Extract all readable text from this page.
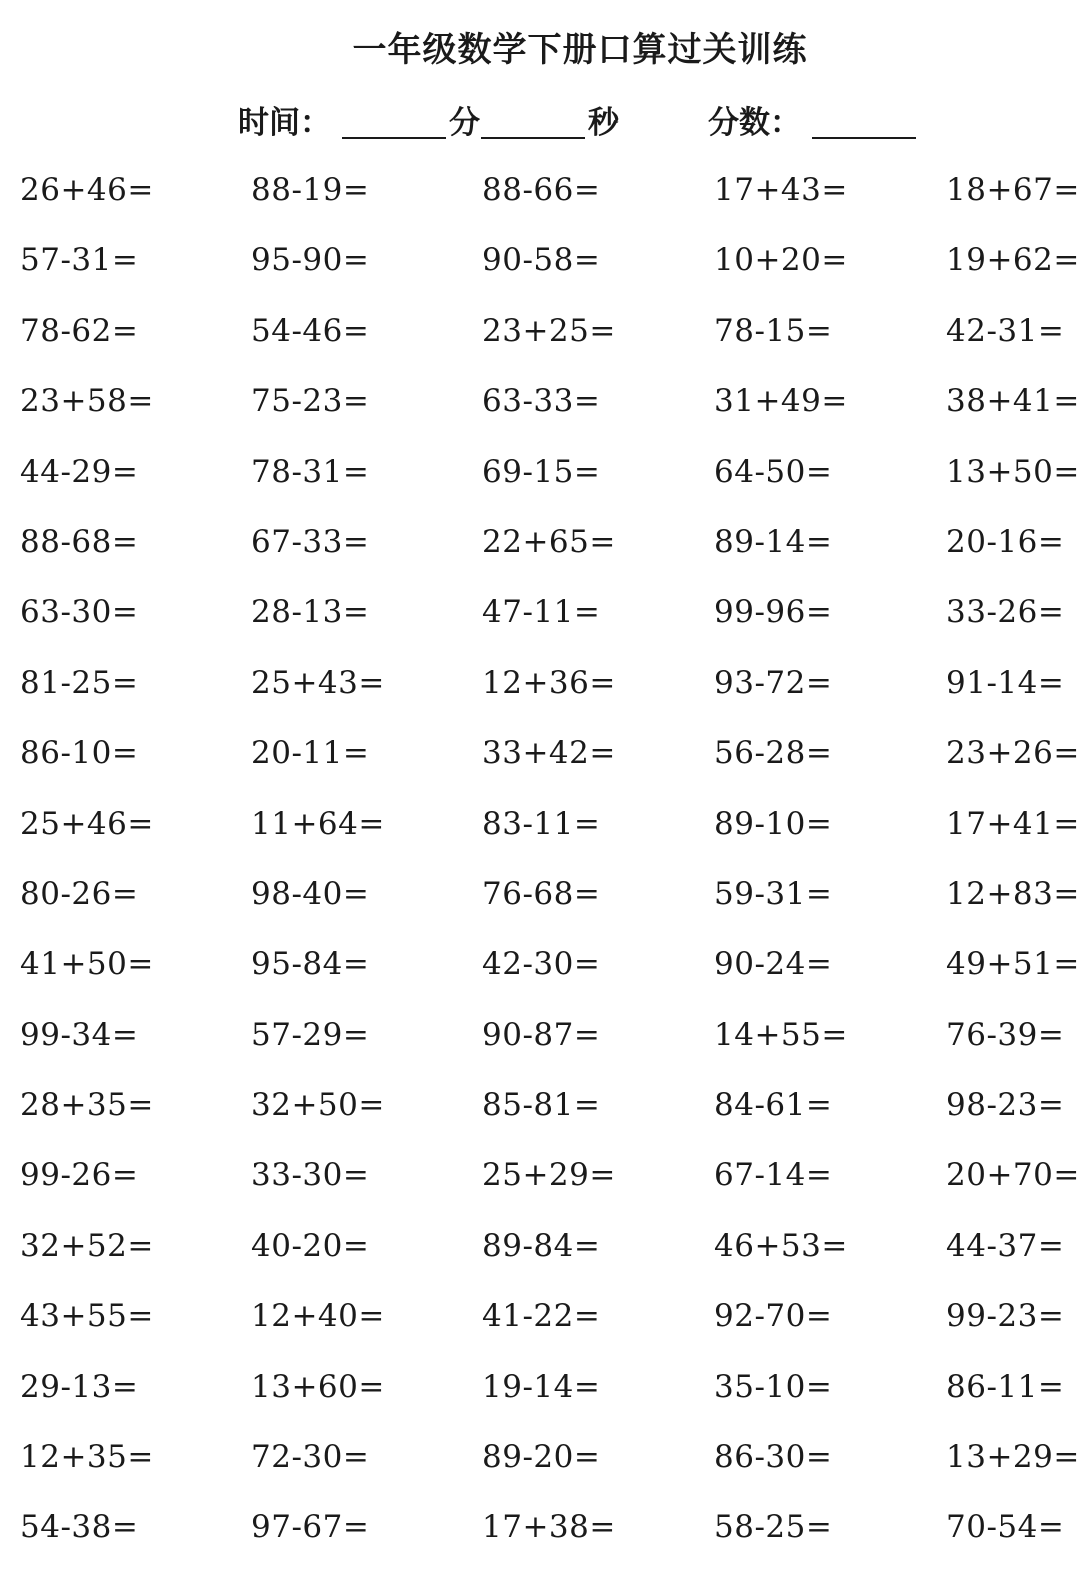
一年级数学下册口算过关训练
时间：	分	秒	分数：
26+46=	88-19=	88-66=	17+43=	18+67=
57-31=	95-90=	90-58=	10+20=	19+62=
78-62=	54-46=	23+25=	78-15=	42-31=
23+58=	75-23=	63-33=	31+49=	38+41=
44-29=	78-31=	69-15=	64-50=	13+50=
88-68=	67-33=	22+65=	89-14=	20-16=
63-30=	28-13=	47-11=	99-96=	33-26=
81-25=	25+43=	12+36=	93-72=	91-14=
86-10=	20-11=	33+42=	56-28=	23+26=
25+46=	11+64=	83-11=	89-10=	17+41=
80-26=	98-40=	76-68=	59-31=	12+83=
41+50=	95-84=	42-30=	90-24=	49+51=
99-34=	57-29=	90-87=	14+55=	76-39=
28+35=	32+50=	85-81=	84-61=	98-23=
99-26=	33-30=	25+29=	67-14=	20+70=
32+52=	40-20=	89-84=	46+53=	44-37=
43+55=	12+40=	41-22=	92-70=	99-23=
29-13=	13+60=	19-14=	35-10=	86-11=
12+35=	72-30=	89-20=	86-30=	13+29=
54-38=	97-67=	17+38=	58-25=	70-54=
